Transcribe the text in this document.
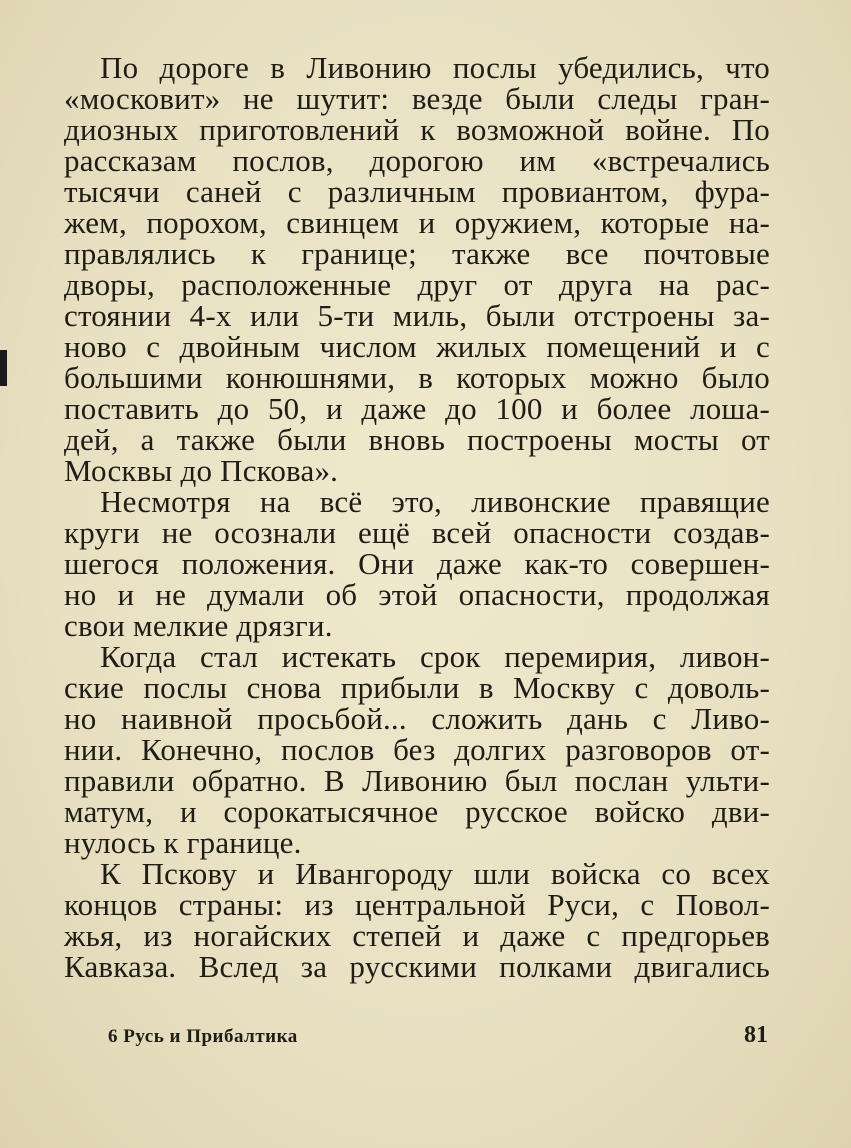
По дороге в Ливонию послы убедились, что
«московит» не шутит: везде были следы гран-
диозных приготовлений к возможной войне. По
рассказам послов, дорогою им «встречались
тысячи саней с различным провиантом, фура-
жем, порохом, свинцем и оружием, которые на-
правлялись к границе; также все почтовые
дворы, расположенные друг от друга на рас-
стоянии 4-х или 5-ти миль, были отстроены за-
ново с двойным числом жилых помещений и с
большими конюшнями, в которых можно было
поставить до 50, и даже до 100 и более лоша-
дей, а также были вновь построены мосты от
Москвы до Пскова».
Несмотря на всё это, ливонские правящие
круги не осознали ещё всей опасности создав-
шегося положения. Они даже как-то совершен-
но и не думали об этой опасности, продолжая
свои мелкие дрязги.
Когда стал истекать срок перемирия, ливон-
ские послы снова прибыли в Москву с доволь-
но наивной просьбой... сложить дань с Ливо-
нии. Конечно, послов без долгих разговоров от-
правили обратно. В Ливонию был послан ульти-
матум, и сорокатысячное русское войско дви-
нулось к границе.
К Пскову и Ивангороду шли войска со всех
концов страны: из центральной Руси, с Повол-
жья, из ногайских степей и даже с предгорьев
Кавказа. Вслед за русскими полками двигались
6 Русь и Прибалтика	81
